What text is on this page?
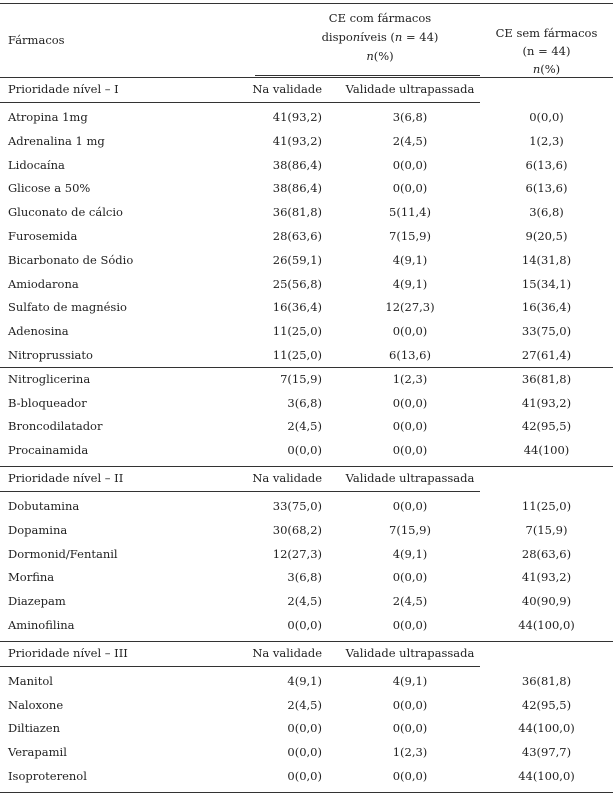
Fármacos
CE com fármacos
disponíveis (n = 44)
n(%)
CE sem fármacos
(n = 44)
n(%)
Prioridade nível – I	Na validade	Validade ultrapassada
Atropina 1mg	41(93,2)	3(6,8)	0(0,0)
Adrenalina 1 mg	41(93,2)	2(4,5)	1(2,3)
Lidocaína	38(86,4)	0(0,0)	6(13,6)
Glicose a 50%	38(86,4)	0(0,0)	6(13,6)
Gluconato de cálcio	36(81,8)	5(11,4)	3(6,8)
Furosemida	28(63,6)	7(15,9)	9(20,5)
Bicarbonato de Sódio	26(59,1)	4(9,1)	14(31,8)
Amiodarona	25(56,8)	4(9,1)	15(34,1)
Sulfato de magnésio	16(36,4)	12(27,3)	16(36,4)
Adenosina	11(25,0)	0(0,0)	33(75,0)
Nitroprussiato	11(25,0)	6(13,6)	27(61,4)
Nitroglicerina	7(15,9)	1(2,3)	36(81,8)
B-bloqueador	3(6,8)	0(0,0)	41(93,2)
Broncodilatador	2(4,5)	0(0,0)	42(95,5)
Procainamida	0(0,0)	0(0,0)	44(100)
Prioridade nível – II	Na validade	Validade ultrapassada
Dobutamina	33(75,0)	0(0,0)	11(25,0)
Dopamina	30(68,2)	7(15,9)	7(15,9)
Dormonid/Fentanil	12(27,3)	4(9,1)	28(63,6)
Morfina	3(6,8)	0(0,0)	41(93,2)
Diazepam	2(4,5)	2(4,5)	40(90,9)
Aminofilina	0(0,0)	0(0,0)	44(100,0)
Prioridade nível – III	Na validade	Validade ultrapassada
Manitol	4(9,1)	4(9,1)	36(81,8)
Naloxone	2(4,5)	0(0,0)	42(95,5)
Diltiazen	0(0,0)	0(0,0)	44(100,0)
Verapamil	0(0,0)	1(2,3)	43(97,7)
Isoproterenol	0(0,0)	0(0,0)	44(100,0)
